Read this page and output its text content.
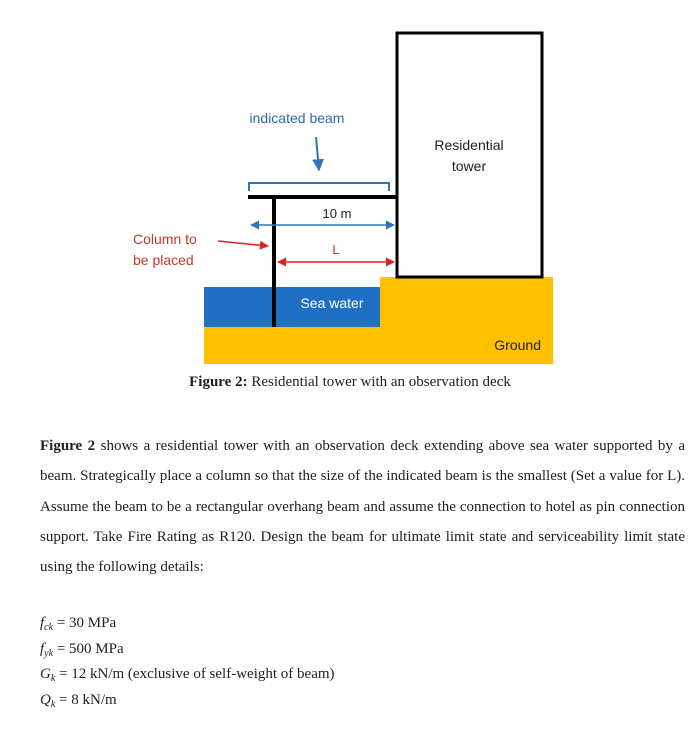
indicated beam
Residential
tower
10 m
L
Column to
be placed
Sea water
Ground
Figure 2: Residential tower with an observation deck

Figure 2 shows a residential tower with an observation deck extending above sea water supported by a beam. Strategically place a column so that the size of the indicated beam is the smallest (Set a value for L). Assume the beam to be a rectangular overhang beam and assume the connection to hotel as pin connection support. Take Fire Rating as R120. Design the beam for ultimate limit state and serviceability limit state using the following details:

$f_{ck} = 30$ MPa
$f_{yk} = 500$ MPa
$G_k = 12$ kN/m (exclusive of self-weight of beam)
$Q_k = 8$ kN/m
